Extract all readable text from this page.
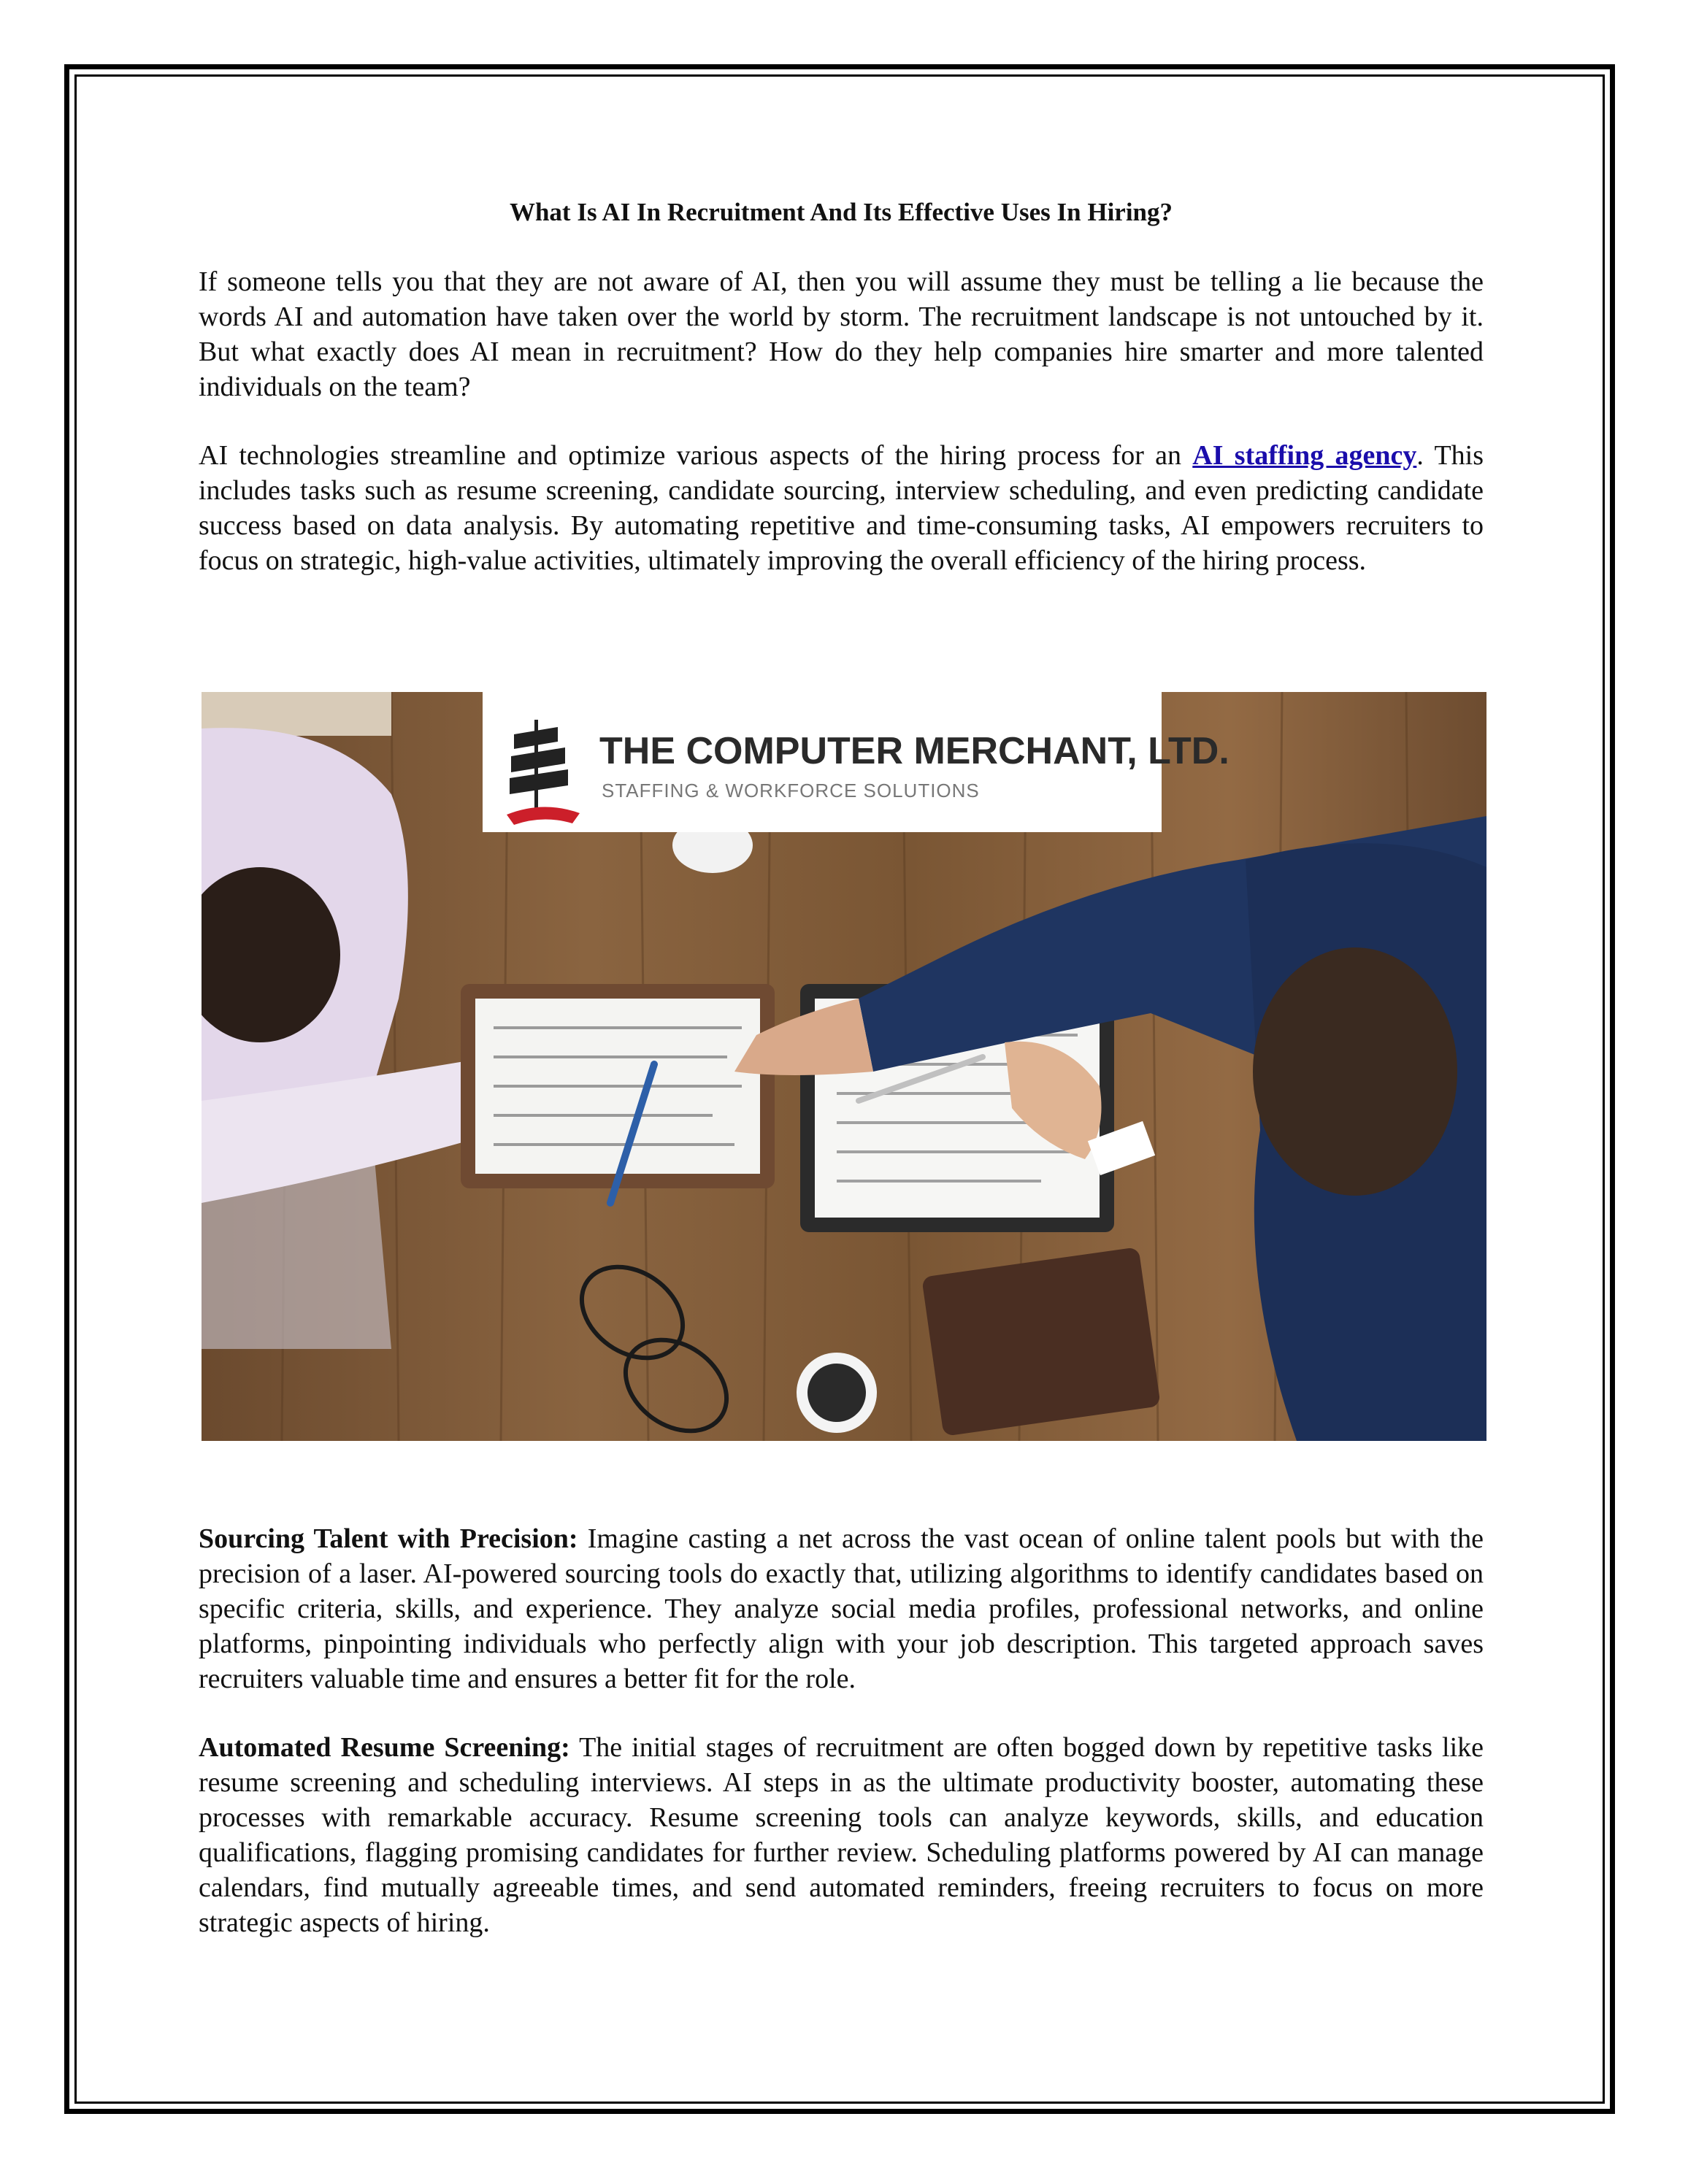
What Is AI In Recruitment And Its Effective Uses In Hiring?

If someone tells you that they are not aware of AI, then you will assume they must be telling a lie because the words AI and automation have taken over the world by storm. The recruitment landscape is not untouched by it. But what exactly does AI mean in recruitment? How do they help companies hire smarter and more talented individuals on the team?

AI technologies streamline and optimize various aspects of the hiring process for an AI staffing agency. This includes tasks such as resume screening, candidate sourcing, interview scheduling, and even predicting candidate success based on data analysis. By automating repetitive and time-consuming tasks, AI empowers recruiters to focus on strategic, high-value activities, ultimately improving the overall efficiency of the hiring process.

THE COMPUTER MERCHANT, LTD.
STAFFING & WORKFORCE SOLUTIONS

Sourcing Talent with Precision: Imagine casting a net across the vast ocean of online talent pools but with the precision of a laser. AI-powered sourcing tools do exactly that, utilizing algorithms to identify candidates based on specific criteria, skills, and experience. They analyze social media profiles, professional networks, and online platforms, pinpointing individuals who perfectly align with your job description. This targeted approach saves recruiters valuable time and ensures a better fit for the role.

Automated Resume Screening: The initial stages of recruitment are often bogged down by repetitive tasks like resume screening and scheduling interviews. AI steps in as the ultimate productivity booster, automating these processes with remarkable accuracy. Resume screening tools can analyze keywords, skills, and education qualifications, flagging promising candidates for further review. Scheduling platforms powered by AI can manage calendars, find mutually agreeable times, and send automated reminders, freeing recruiters to focus on more strategic aspects of hiring.
